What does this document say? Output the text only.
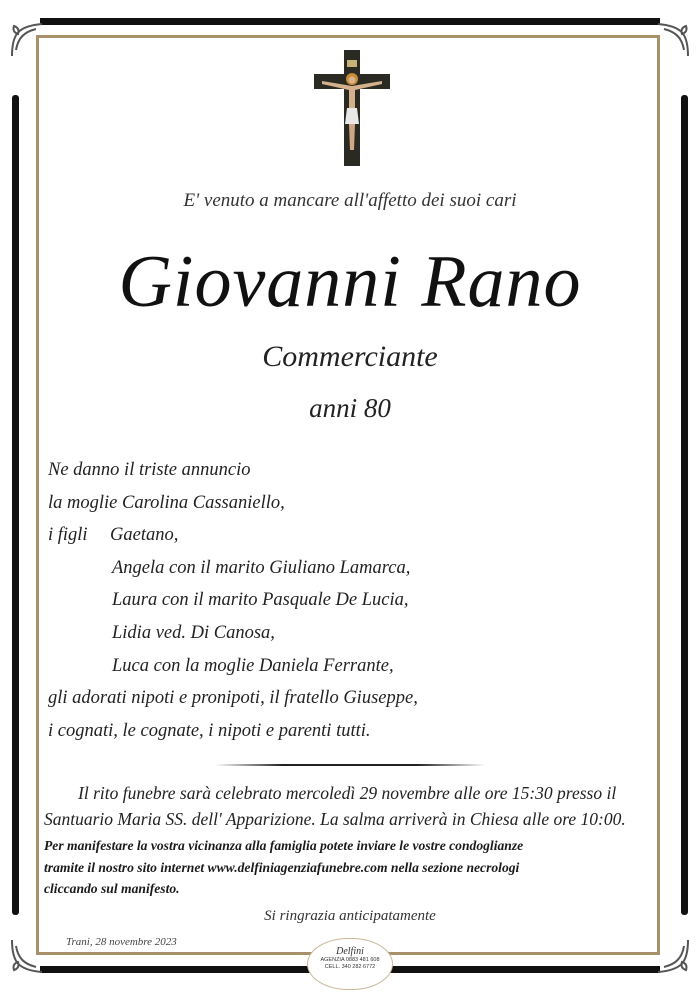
E' venuto a mancare all'affetto dei suoi cari
Giovanni Rano
Commerciante
anni 80
Ne danno il triste annuncio
la moglie Carolina Cassaniello,
i figli Gaetano,
Angela con il marito Giuliano Lamarca,
Laura con il marito Pasquale De Lucia,
Lidia ved. Di Canosa,
Luca con la moglie Daniela Ferrante,
gli adorati nipoti e pronipoti, il fratello Giuseppe,
i cognati, le cognate, i nipoti e parenti tutti.
Il rito funebre sarà celebrato mercoledì 29 novembre alle ore 15:30 presso il
Santuario Maria SS. dell' Apparizione. La salma arriverà in Chiesa alle ore 10:00.
Per manifestare la vostra vicinanza alla famiglia potete inviare le vostre condoglianze
tramite il nostro sito internet www.delfiniagenziafunebre.com nella sezione necrologi
cliccando sul manifesto.
Si ringrazia anticipatamente
Trani, 28 novembre 2023
Delfini
AGENZIA 0883 481 608
CELL. 340 282 6772
